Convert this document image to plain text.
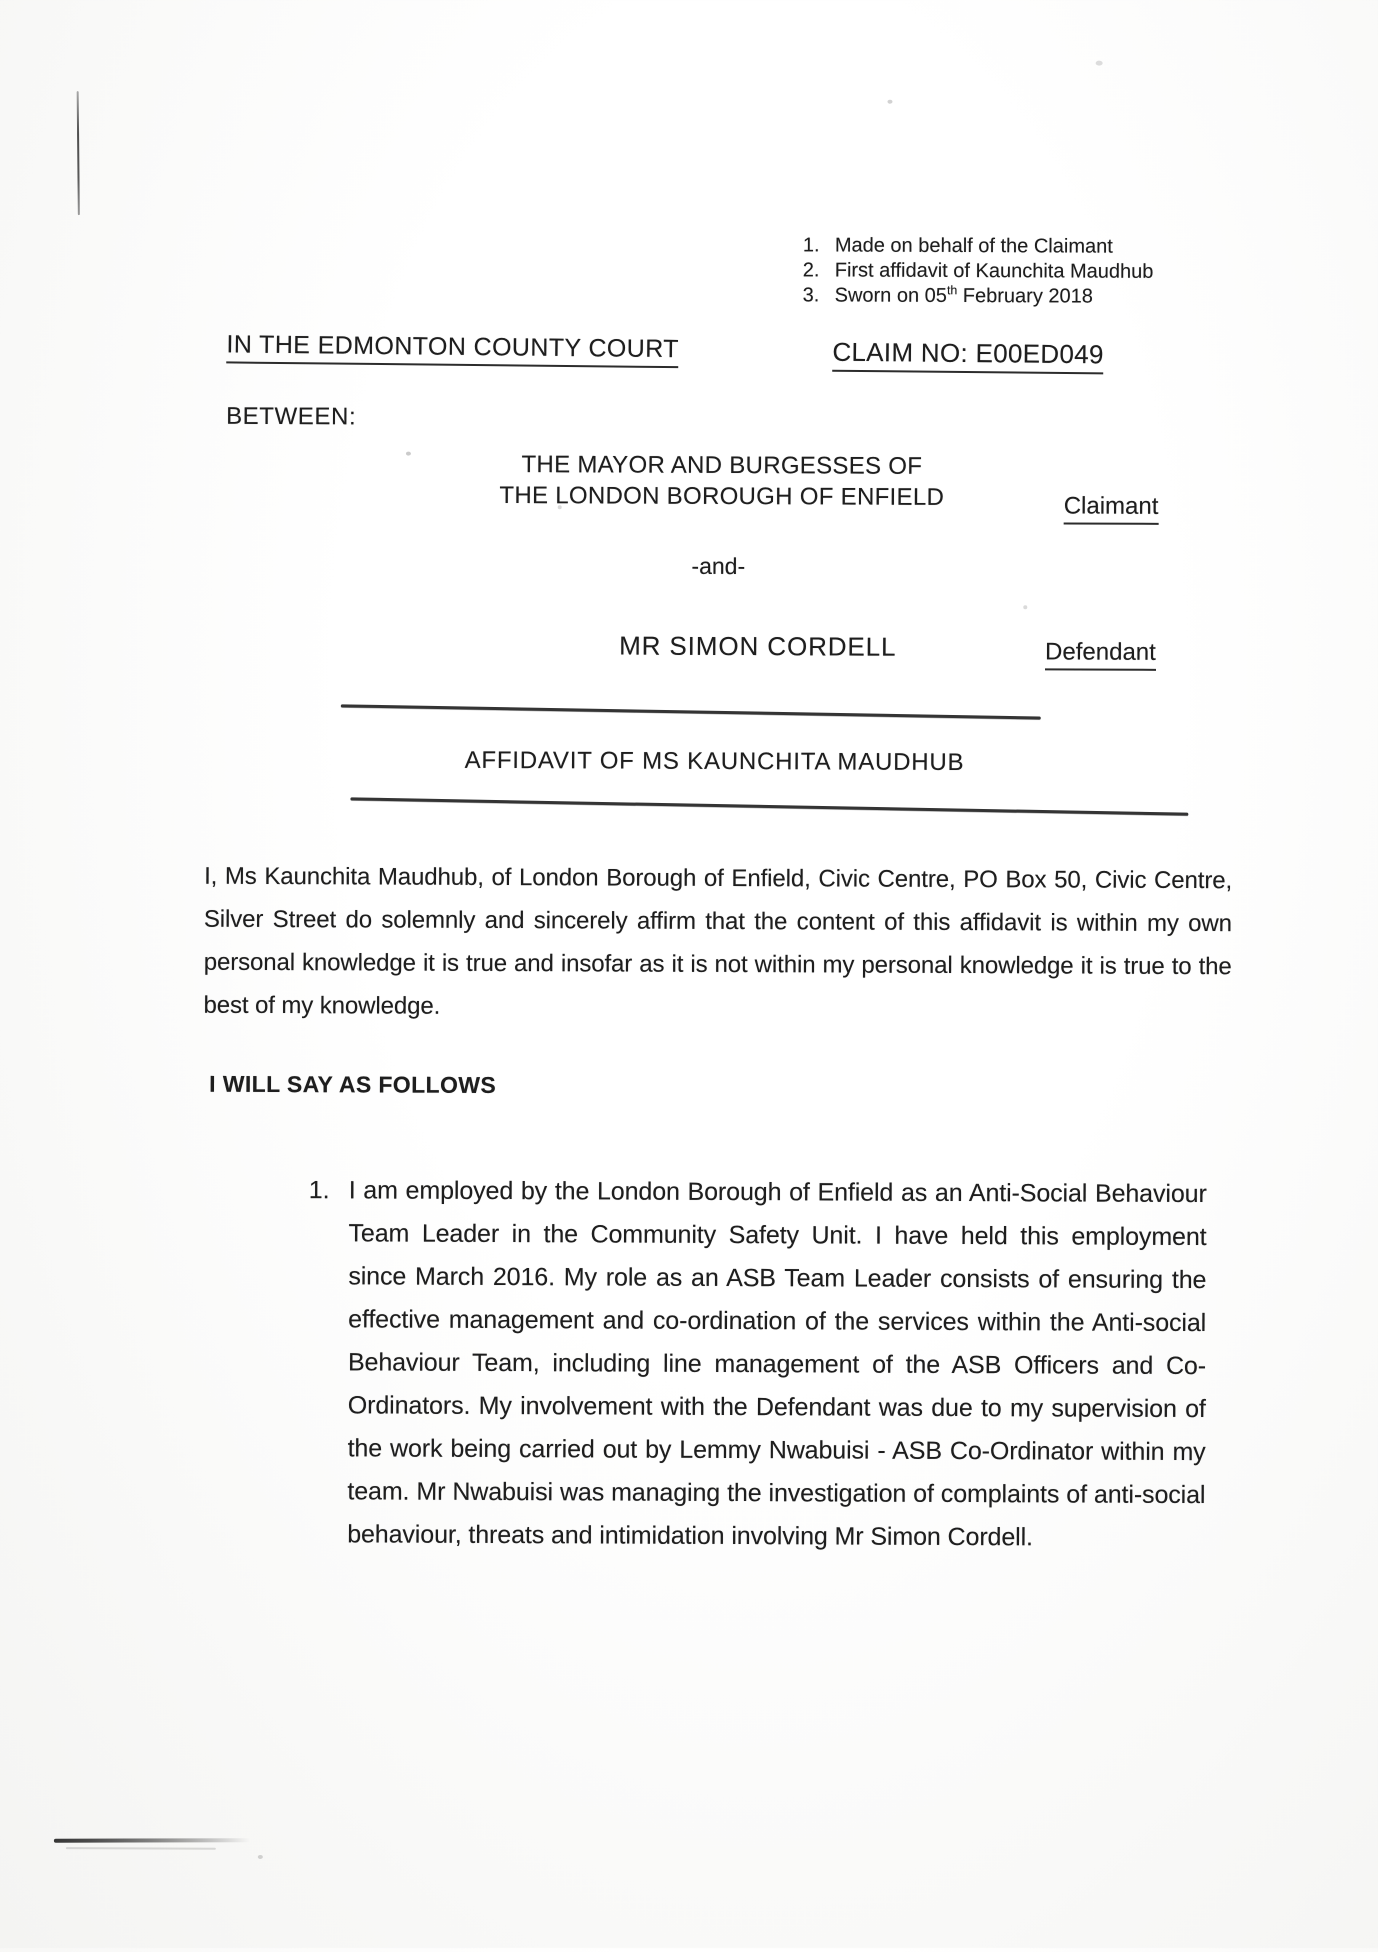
1. Made on behalf of the Claimant
2. First affidavit of Kaunchita Maudhub
3. Sworn on 05th February 2018
IN THE EDMONTON COUNTY COURT	CLAIM NO: E00ED049
BETWEEN:
THE MAYOR AND BURGESSES OF
THE LONDON BOROUGH OF ENFIELD	Claimant
-and-
MR SIMON CORDELL	Defendant
AFFIDAVIT OF MS KAUNCHITA MAUDHUB
I, Ms Kaunchita Maudhub, of London Borough of Enfield, Civic Centre, PO Box 50, Civic Centre, Silver Street do solemnly and sincerely affirm that the content of this affidavit is within my own personal knowledge it is true and insofar as it is not within my personal knowledge it is true to the best of my knowledge.
I WILL SAY AS FOLLOWS
1. I am employed by the London Borough of Enfield as an Anti-Social Behaviour Team Leader in the Community Safety Unit. I have held this employment since March 2016. My role as an ASB Team Leader consists of ensuring the effective management and co-ordination of the services within the Anti-social Behaviour Team, including line management of the ASB Officers and Co-Ordinators. My involvement with the Defendant was due to my supervision of the work being carried out by Lemmy Nwabuisi - ASB Co-Ordinator within my team. Mr Nwabuisi was managing the investigation of complaints of anti-social behaviour, threats and intimidation involving Mr Simon Cordell.
